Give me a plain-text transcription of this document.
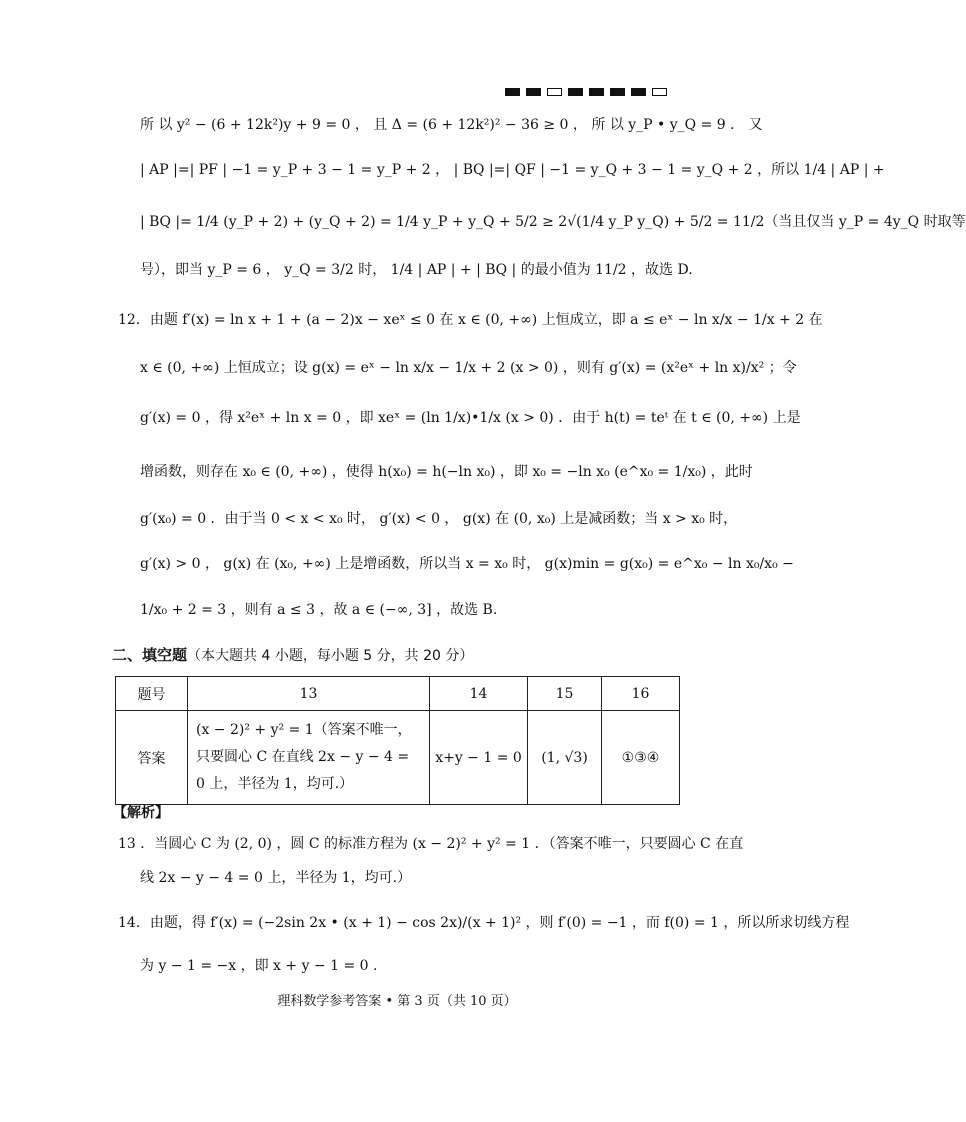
所 以 y² − (6 + 12k²)y + 9 = 0 ， 且 Δ = (6 + 12k²)² − 36 ≥ 0 ， 所 以 y_P • y_Q = 9 ． 又
| AP |=| PF | −1 = y_P + 3 − 1 = y_P + 2 ， | BQ |=| QF | −1 = y_Q + 3 − 1 = y_Q + 2 ，所以 1/4 | AP | +
| BQ |= 1/4 (y_P + 2) + (y_Q + 2) = 1/4 y_P + y_Q + 5/2 ≥ 2√(1/4 y_P y_Q) + 5/2 = 11/2（当且仅当 y_P = 4y_Q 时取等
号），即当 y_P = 6 ， y_Q = 3/2 时， 1/4 | AP | + | BQ | 的最小值为 11/2 ，故选 D.
12．由题 f′(x) = ln x + 1 + (a − 2)x − xeˣ ≤ 0 在 x ∈ (0, +∞) 上恒成立，即 a ≤ eˣ − ln x/x − 1/x + 2 在
x ∈ (0, +∞) 上恒成立；设 g(x) = eˣ − ln x/x − 1/x + 2 (x > 0) ，则有 g′(x) = (x²eˣ + ln x)/x² ；令
g′(x) = 0 ，得 x²eˣ + ln x = 0 ，即 xeˣ = (ln 1/x)•1/x (x > 0) ．由于 h(t) = teᵗ 在 t ∈ (0, +∞) 上是
增函数，则存在 x₀ ∈ (0, +∞) ，使得 h(x₀) = h(−ln x₀) ，即 x₀ = −ln x₀ (e^x₀ = 1/x₀) ，此时
g′(x₀) = 0 ．由于当 0 < x < x₀ 时， g′(x) < 0 ， g(x) 在 (0, x₀) 上是减函数；当 x > x₀ 时，
g′(x) > 0 ， g(x) 在 (x₀, +∞) 上是增函数，所以当 x = x₀ 时， g(x)min = g(x₀) = e^x₀ − ln x₀/x₀ −
1/x₀ + 2 = 3 ，则有 a ≤ 3 ，故 a ∈ (−∞, 3] ，故选 B.
二、填空题（本大题共 4 小题，每小题 5 分，共 20 分）
题号	13	14	15	16
答案	(x − 2)² + y² = 1（答案不唯一，只要圆心 C 在直线 2x − y − 4 = 0 上，半径为 1，均可.）	x+y − 1 = 0	(1, √3)	①③④
【解析】
13 ．当圆心 C 为 (2, 0) ，圆 C 的标准方程为 (x − 2)² + y² = 1 ．（答案不唯一，只要圆心 C 在直
线 2x − y − 4 = 0 上，半径为 1，均可.）
14．由题，得 f′(x) = (−2sin 2x • (x + 1) − cos 2x)/(x + 1)² ，则 f′(0) = −1 ，而 f(0) = 1 ，所以所求切线方程
为 y − 1 = −x ，即 x + y − 1 = 0 .
理科数学参考答案 • 第 3 页（共 10 页）
